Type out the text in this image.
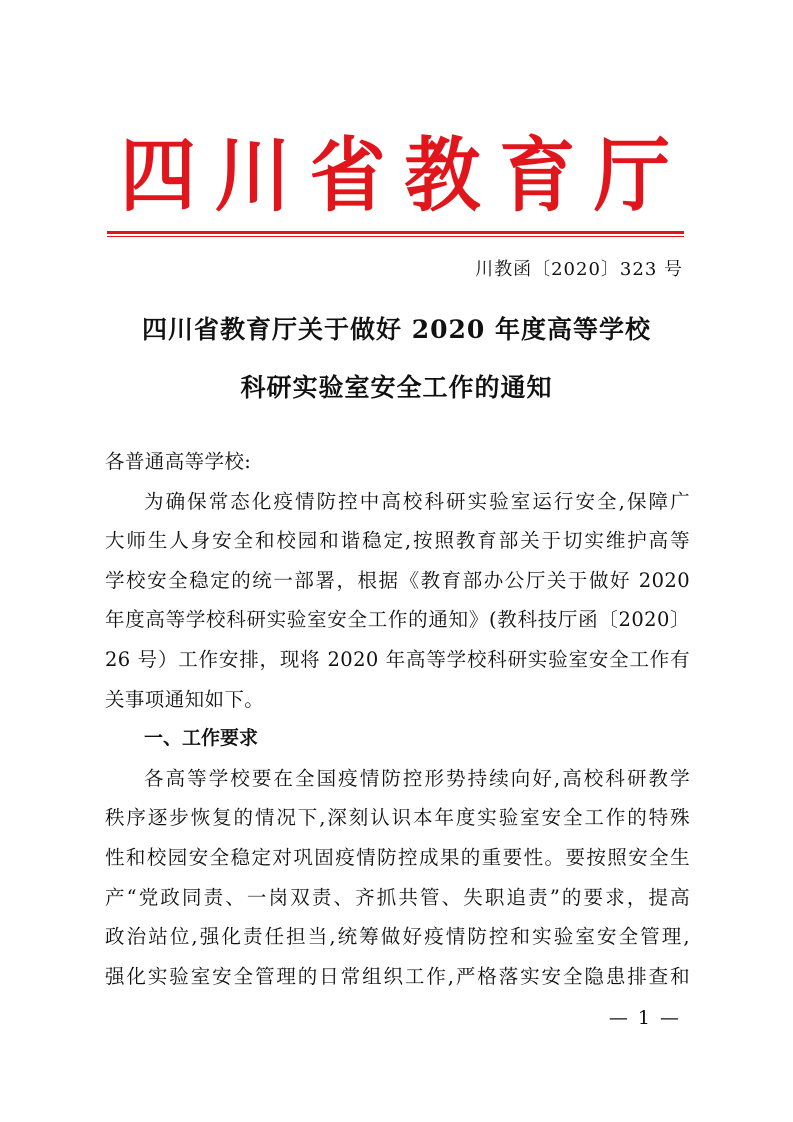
四 川 省 教 育 厅
川教函〔2020〕323 号
四川省教育厅关于做好 2020 年度高等学校
科研实验室安全工作的通知

各普通高等学校:

为确保常态化疫情防控中高校科研实验室运行安全,保障广

大师生人身安全和校园和谐稳定,按照教育部关于切实维护高等

学校安全稳定的统一部署，根据《教育部办公厅关于做好 2020

年度高等学校科研实验室安全工作的通知》(教科技厅函〔2020〕

26 号）工作安排，现将 2020 年高等学校科研实验室安全工作有

关事项通知如下。

一、工作要求

各高等学校要在全国疫情防控形势持续向好,高校科研教学

秩序逐步恢复的情况下,深刻认识本年度实验室安全工作的特殊

性和校园安全稳定对巩固疫情防控成果的重要性。要按照安全生

产“党政同责、一岗双责、齐抓共管、失职追责”的要求，提高

政治站位,强化责任担当,统筹做好疫情防控和实验室安全管理,

强化实验室安全管理的日常组织工作,严格落实安全隐患排查和

— 1 —
